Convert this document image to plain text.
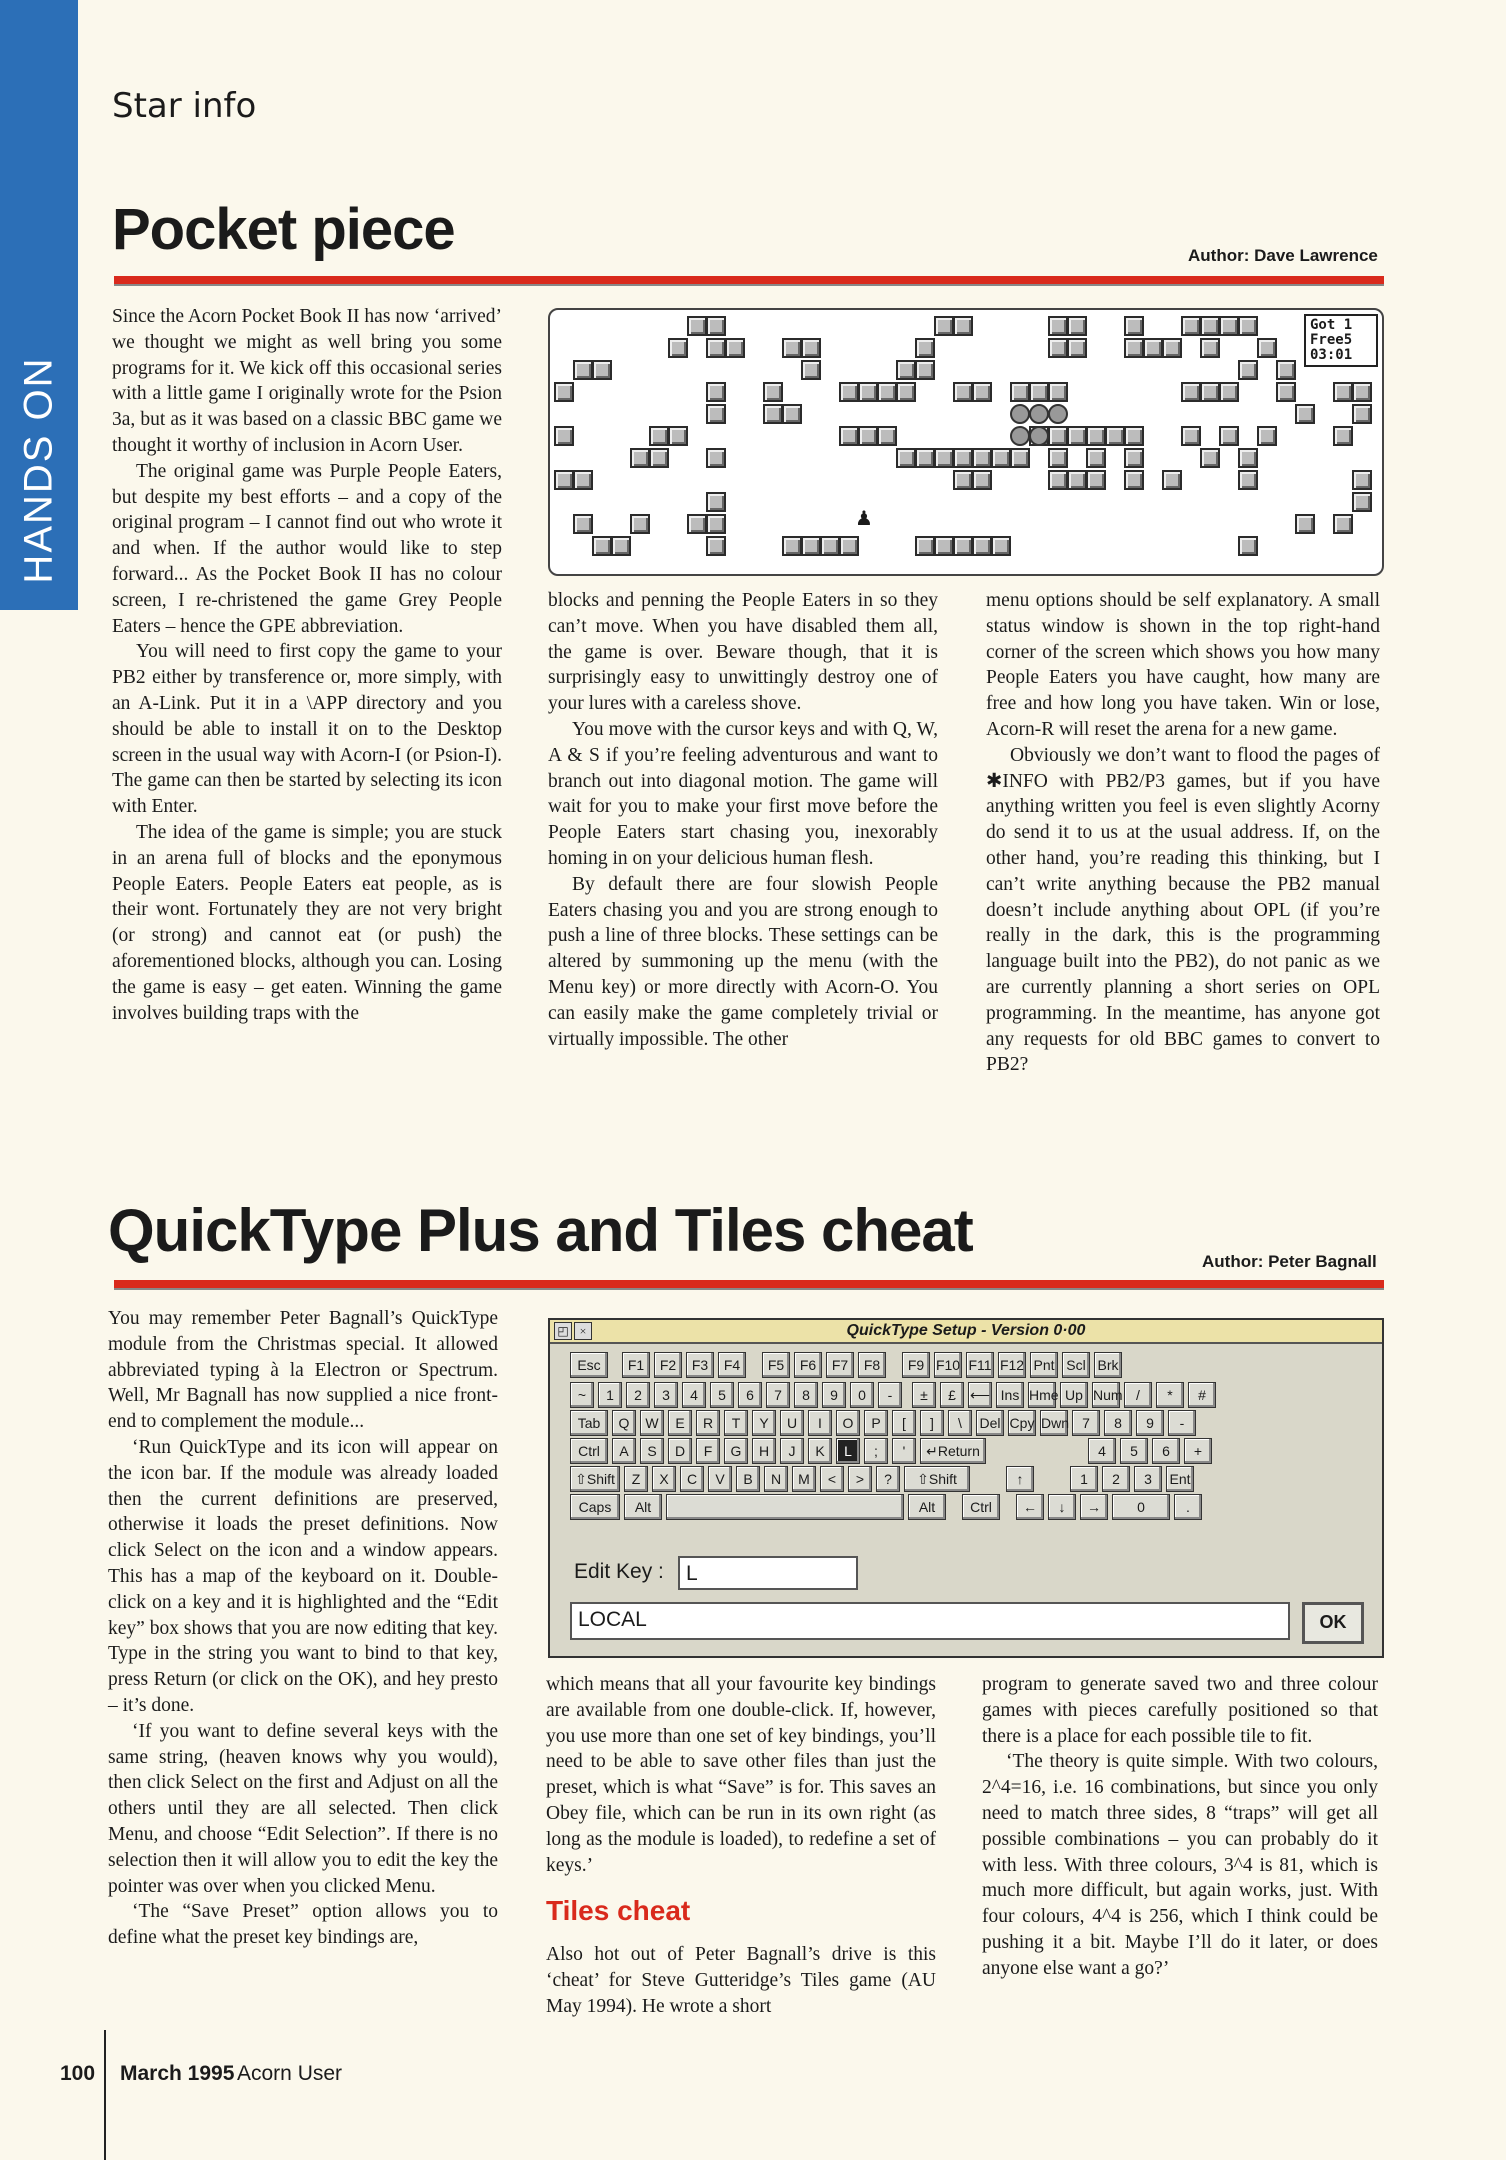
HANDS ON
Star info
Pocket piece	Author: Dave Lawrence

Since the Acorn Pocket Book II has now ‘arrived’ we thought we might as well bring you some programs for it. We kick off this occasional series with a little game I originally wrote for the Psion 3a, but as it was based on a classic BBC game we thought it worthy of inclusion in Acorn User.

The original game was Purple People Eaters, but despite my best efforts – and a copy of the original program – I cannot find out who wrote it and when. If the author would like to step forward... As the Pocket Book II has no colour screen, I re-christened the game Grey People Eaters – hence the GPE abbreviation.

You will need to first copy the game to your PB2 either by transference or, more simply, with an A-Link. Put it in a \APP directory and you should be able to install it on to the Desktop screen in the usual way with Acorn-I (or Psion-I). The game can then be started by selecting its icon with Enter.

The idea of the game is simple; you are stuck in an arena full of blocks and the eponymous People Eaters. People Eaters eat people, as is their wont. Fortunately they are not very bright (or strong) and cannot eat (or push) the aforementioned blocks, although you can. Losing the game is easy – get eaten. Winning the game involves building traps with the

Got 1
Free5
03:01
♟

blocks and penning the People Eaters in so they can’t move. When you have disabled them all, the game is over. Beware though, that it is surprisingly easy to unwittingly destroy one of your lures with a careless shove.

You move with the cursor keys and with Q, W, A & S if you’re feeling adventurous and want to branch out into diagonal motion. The game will wait for you to make your first move before the People Eaters start chasing you, inexorably homing in on your delicious human flesh.

By default there are four slowish People Eaters chasing you and you are strong enough to push a line of three blocks. These settings can be altered by summoning up the menu (with the Menu key) or more directly with Acorn-O. You can easily make the game completely trivial or virtually impossible. The other

menu options should be self explanatory. A small status window is shown in the top right-hand corner of the screen which shows you how many People Eaters you have caught, how many are free and how long you have taken. Win or lose, Acorn-R will reset the arena for a new game.

Obviously we don’t want to flood the pages of ✱INFO with PB2/P3 games, but if you have anything written you feel is even slightly Acorny do send it to us at the usual address. If, on the other hand, you’re reading this thinking, but I can’t write anything because the PB2 manual doesn’t include anything about OPL (if you’re really in the dark, this is the programming language built into the PB2), do not panic as we are currently planning a short series on OPL programming. In the meantime, has anyone got any requests for old BBC games to convert to PB2?

QuickType Plus and Tiles cheat	Author: Peter Bagnall

You may remember Peter Bagnall’s QuickType module from the Christmas special. It allowed abbreviated typing à la Electron or Spectrum. Well, Mr Bagnall has now supplied a nice front-end to complement the module...

‘Run QuickType and its icon will appear on the icon bar. If the module was already loaded then the current definitions are preserved, otherwise it loads the preset definitions. Now click Select on the icon and a window appears. This has a map of the keyboard on it. Double-click on a key and it is highlighted and the “Edit key” box shows that you are now editing that key. Type in the string you want to bind to that key, press Return (or click on the OK), and hey presto – it’s done.

‘If you want to define several keys with the same string, (heaven knows why you would), then click Select on the first and Adjust on all the others until they are all selected. Then click Menu, and choose “Edit Selection”. If there is no selection then it will allow you to edit the key the pointer was over when you clicked Menu.

‘The “Save Preset” option allows you to define what the preset key bindings are,

QuickType Setup - Version 0·00
◰ ×
Esc	F1	F2	F3	F4	F5	F6	F7	F8	F9 F10 F11 F12 Pnt Scl Brk
~	1	2	3	4	5	6	7	8	9	0	-	±	£	⟵ Ins Hme Up Num /	*	#
Tab	Q	W	E	R	T	Y	U	I	O	P	[	]	\	Del Cpy Dwn 7	8	9	-
Ctrl	A	S	D	F	G	H	J	K	L	;	'	↵Return	4	5	6	+
⇧Shift	Z	X	C	V	B	N	M	<	>	?	⇧Shift	↑	1	2	3	Ent
Caps	Alt	Alt	Ctrl	←	↓	→	0	.
Edit Key :	L
LOCAL	OK

which means that all your favourite key bindings are available from one double-click. If, however, you use more than one set of key bindings, you’ll need to be able to save other files than just the preset, which is what “Save” is for. This saves an Obey file, which can be run in its own right (as long as the module is loaded), to redefine a set of keys.’

Tiles cheat

Also hot out of Peter Bagnall’s drive is this ‘cheat’ for Steve Gutteridge’s Tiles game (AU May 1994). He wrote a short

program to generate saved two and three colour games with pieces carefully positioned so that there is a place for each possible tile to fit.

‘The theory is quite simple. With two colours, 2^4=16, i.e. 16 combinations, but since you only need to match three sides, 8 “traps” will get all possible combinations – you can probably do it with less. With three colours, 3^4 is 81, which is much more difficult, but again works, just. With four colours, 4^4 is 256, which I think could be pushing it a bit. Maybe I’ll do it later, or does anyone else want a go?’

100 March 1995 Acorn User
